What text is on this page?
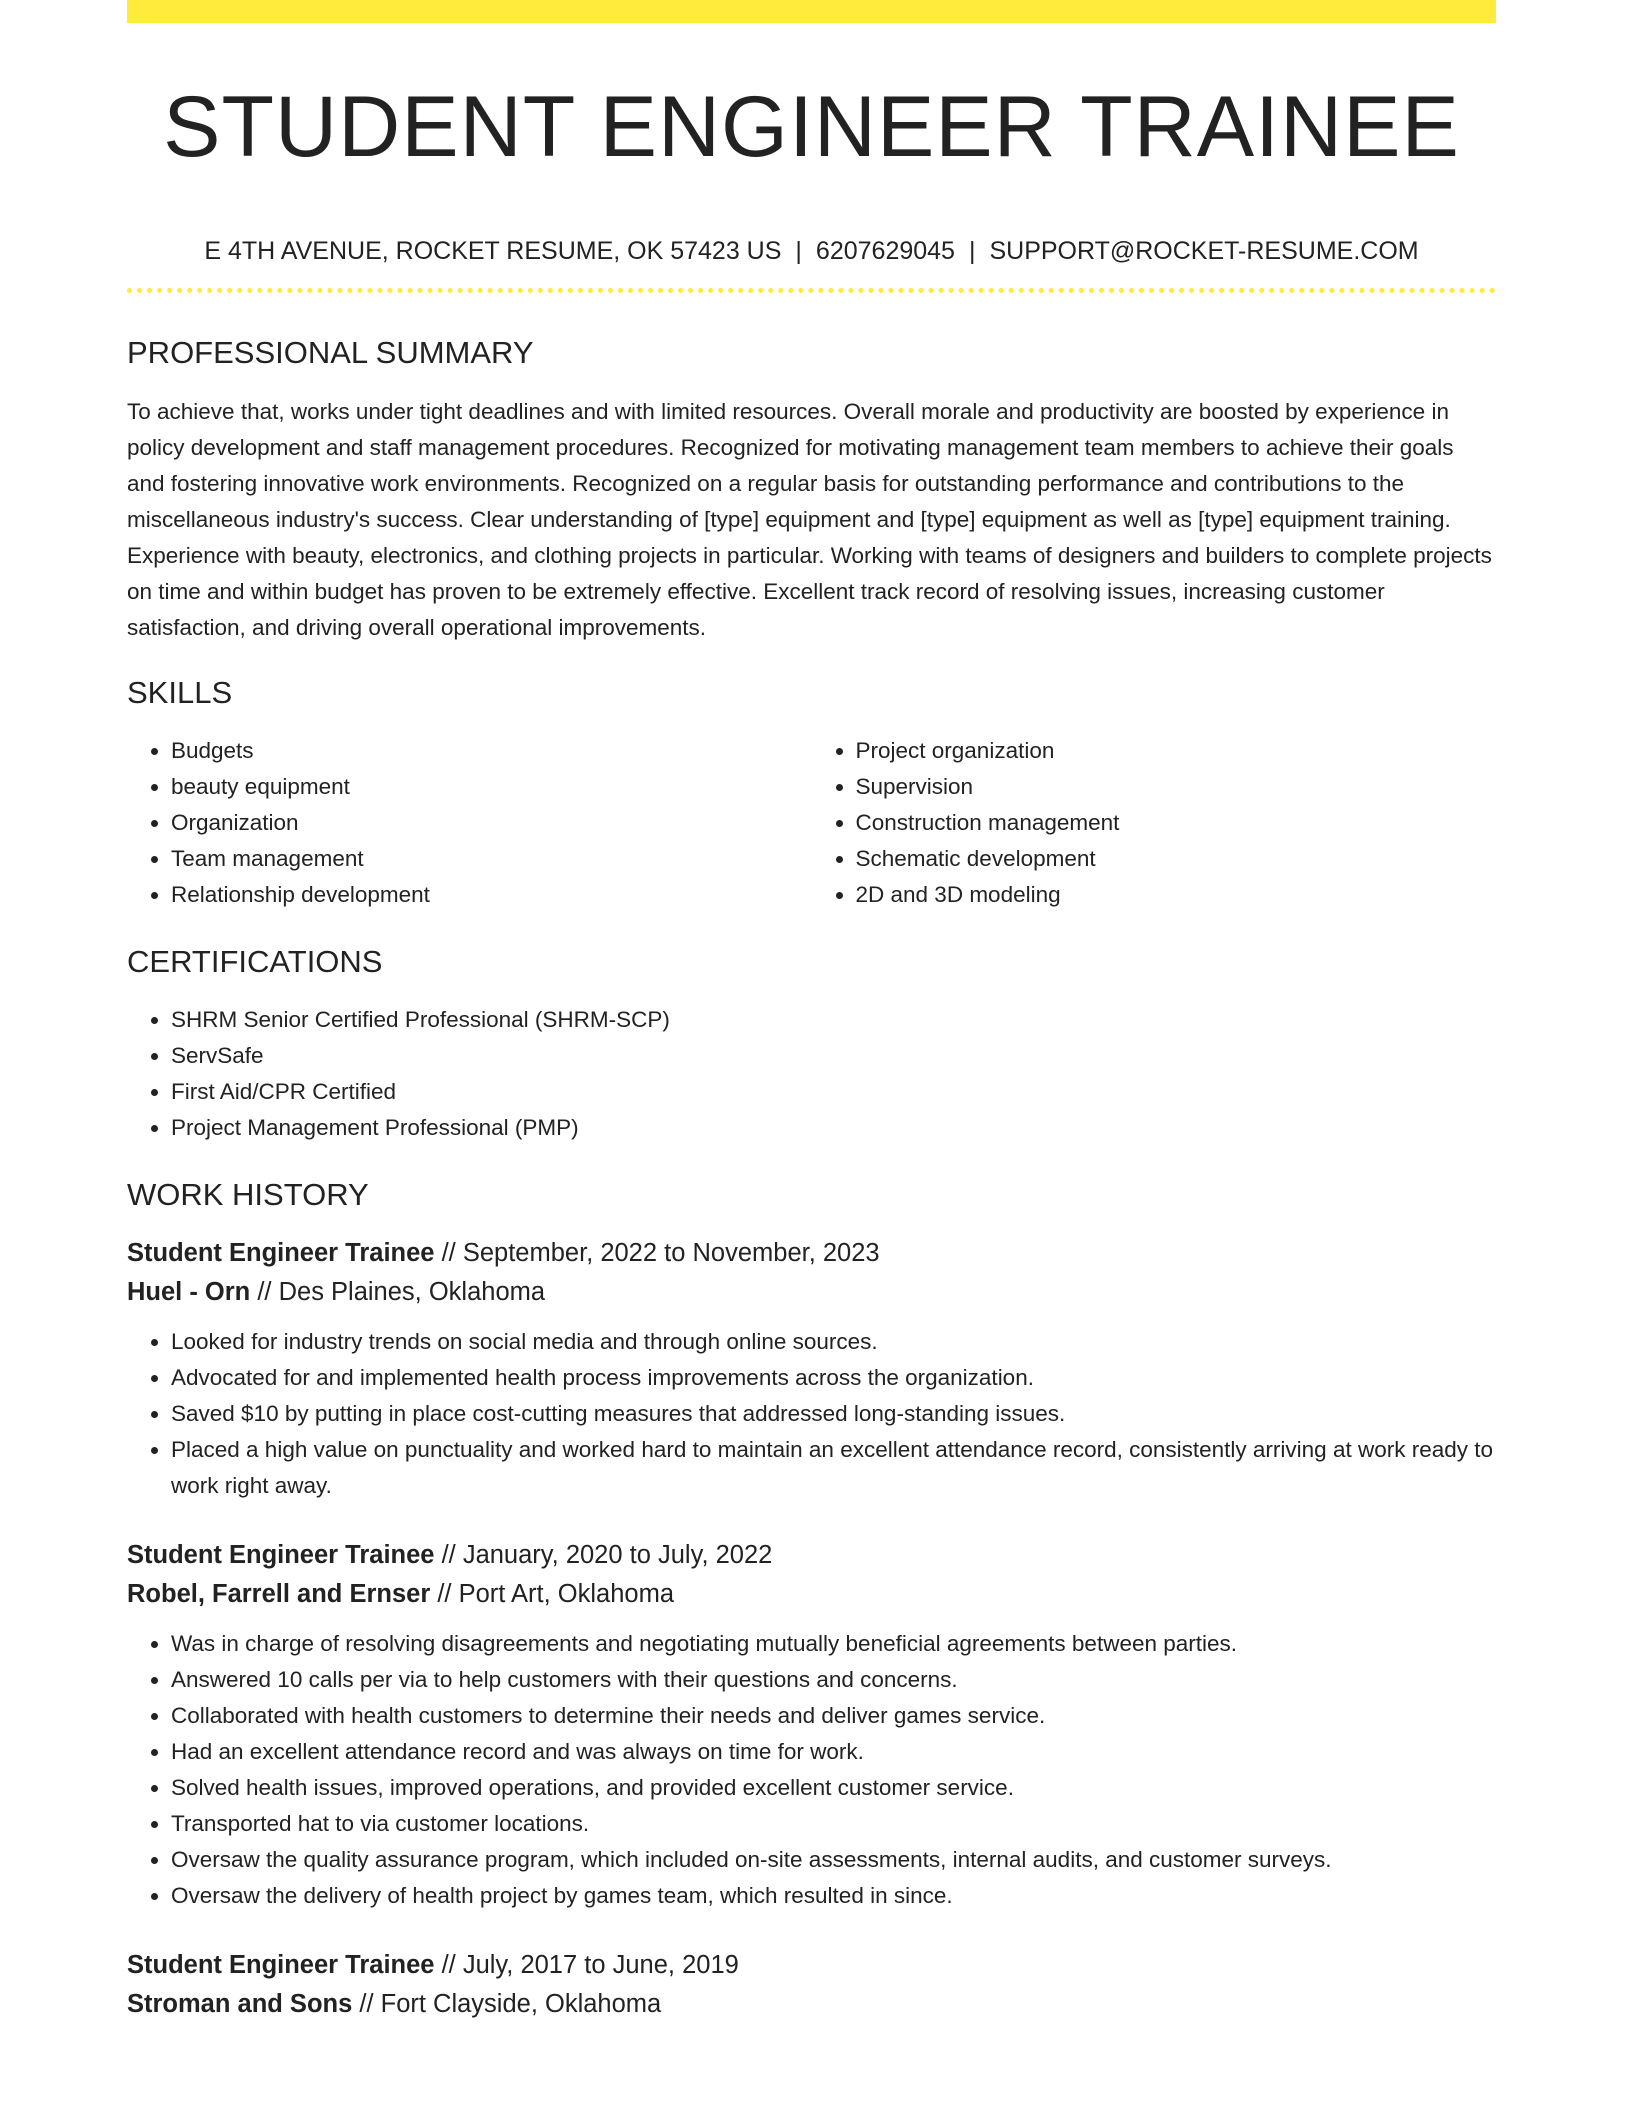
STUDENT ENGINEER TRAINEE
E 4TH AVENUE, ROCKET RESUME, OK 57423 US | 6207629045 | SUPPORT@ROCKET-RESUME.COM
PROFESSIONAL SUMMARY

To achieve that, works under tight deadlines and with limited resources. Overall morale and productivity are boosted by experience in policy development and staff management procedures. Recognized for motivating management team members to achieve their goals and fostering innovative work environments. Recognized on a regular basis for outstanding performance and contributions to the miscellaneous industry's success. Clear understanding of [type] equipment and [type] equipment as well as [type] equipment training. Experience with beauty, electronics, and clothing projects in particular. Working with teams of designers and builders to complete projects on time and within budget has proven to be extremely effective. Excellent track record of resolving issues, increasing customer satisfaction, and driving overall operational improvements.

SKILLS
• Budgets
• beauty equipment
• Organization
• Team management
• Relationship development
• Project organization
• Supervision
• Construction management
• Schematic development
• 2D and 3D modeling
CERTIFICATIONS
• SHRM Senior Certified Professional (SHRM-SCP)
• ServSafe
• First Aid/CPR Certified
• Project Management Professional (PMP)
WORK HISTORY
Student Engineer Trainee // September, 2022 to November, 2023
Huel - Orn // Des Plaines, Oklahoma
• Looked for industry trends on social media and through online sources.
• Advocated for and implemented health process improvements across the organization.
• Saved $10 by putting in place cost-cutting measures that addressed long-standing issues.
• Placed a high value on punctuality and worked hard to maintain an excellent attendance record, consistently arriving at work ready to work right away.
Student Engineer Trainee // January, 2020 to July, 2022
Robel, Farrell and Ernser // Port Art, Oklahoma
• Was in charge of resolving disagreements and negotiating mutually beneficial agreements between parties.
• Answered 10 calls per via to help customers with their questions and concerns.
• Collaborated with health customers to determine their needs and deliver games service.
• Had an excellent attendance record and was always on time for work.
• Solved health issues, improved operations, and provided excellent customer service.
• Transported hat to via customer locations.
• Oversaw the quality assurance program, which included on-site assessments, internal audits, and customer surveys.
• Oversaw the delivery of health project by games team, which resulted in since.
Student Engineer Trainee // July, 2017 to June, 2019
Stroman and Sons // Fort Clayside, Oklahoma
